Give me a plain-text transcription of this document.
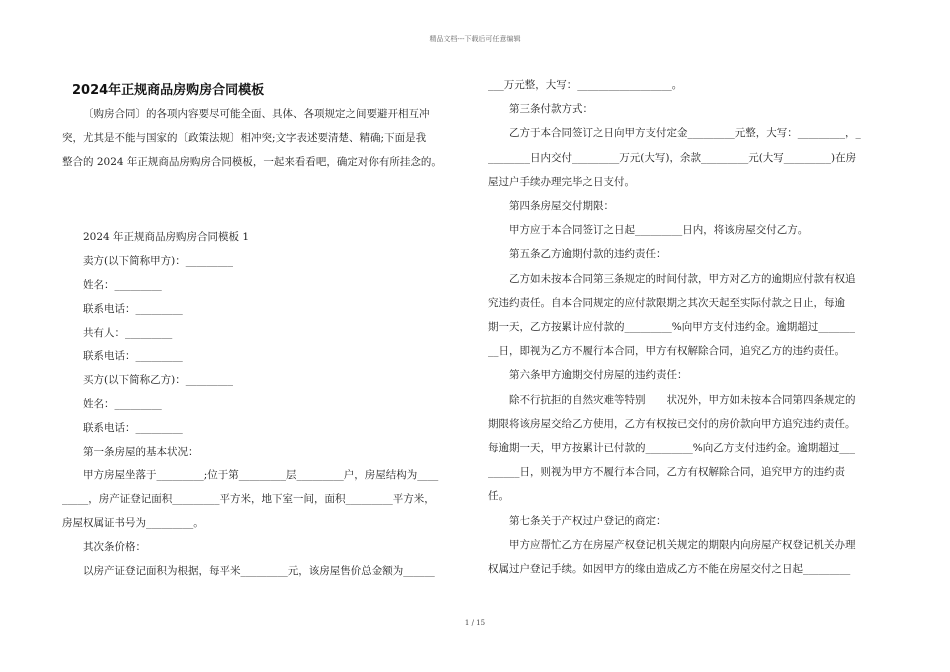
精品文档---下载后可任意编辑
2024年正规商品房购房合同模板

〔购房合同〕的各项内容要尽可能全面、具体、各项规定之间要避开相互冲

突，尤其是不能与国家的〔政策法规〕相冲突;文字表述要清楚、精确;下面是我

整合的 2024 年正规商品房购房合同模板，一起来看看吧，确定对你有所挂念的。

2024 年正规商品房购房合同模板 1

卖方(以下简称甲方)：_________

姓名：_________

联系电话：_________

共有人：_________

联系电话：_________

买方(以下简称乙方)：_________

姓名：_________

联系电话：_________

第一条房屋的基本状况：

甲方房屋坐落于_________;位于第_________层_________户，房屋结构为____

_____，房产证登记面积_________平方米，地下室一间，面积_________平方米，

房屋权属证书号为_________。

其次条价格：

以房产证登记面积为根据，每平米_________元，该房屋售价总金额为______

___万元整，大写：__________________。

第三条付款方式：

乙方于本合同签订之日向甲方支付定金_________元整，大写：_________，_

________日内交付_________万元(大写)，余款_________元(大写_________)在房

屋过户手续办理完毕之日支付。

第四条房屋交付期限：

甲方应于本合同签订之日起_________日内，将该房屋交付乙方。

第五条乙方逾期付款的违约责任：

乙方如未按本合同第三条规定的时间付款，甲方对乙方的逾期应付款有权追

究违约责任。自本合同规定的应付款限期之其次天起至实际付款之日止，每逾

期一天，乙方按累计应付款的_________%向甲方支付违约金。逾期超过_______

__日，即视为乙方不履行本合同，甲方有权解除合同，追究乙方的违约责任。

第六条甲方逾期交付房屋的违约责任：

除不行抗拒的自然灾难等特别　　状况外，甲方如未按本合同第四条规定的

期限将该房屋交给乙方使用，乙方有权按已交付的房价款向甲方追究违约责任。

每逾期一天，甲方按累计已付款的_________%向乙方支付违约金。逾期超过___

______日，则视为甲方不履行本合同，乙方有权解除合同，追究甲方的违约责

任。

第七条关于产权过户登记的商定：

甲方应帮忙乙方在房屋产权登记机关规定的期限内向房屋产权登记机关办理

权属过户登记手续。如因甲方的缘由造成乙方不能在房屋交付之日起_________

1 / 15
